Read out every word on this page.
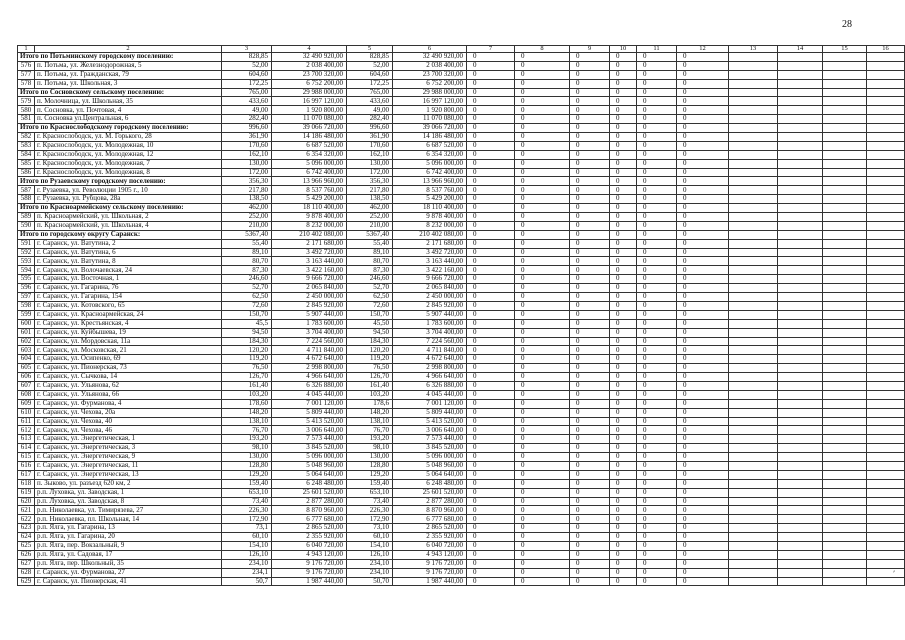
28
1	2	3	4	5	6	7	8	9	10	11	12	13	14	15	16
Итого по Потьминскому городскому поселению:		828,85	32 490 920,00	828,85	32 490 920,00	0	0	0	0	0	0				
576	п. Потьма, ул. Железнодорожная, 5	52,00	2 038 400,00	52,00	2 038 400,00	0	0	0	0	0	0				
577	п. Потьма, ул. Гражданская, 79	604,60	23 700 320,00	604,60	23 700 320,00	0	0	0	0	0	0				
578	п. Потьма, ул. Школьная, 3	172,25	6 752 200,00	172,25	6 752 200,00	0	0	0	0	0	0				
Итого по Сосновскому сельскому поселению:		765,00	29 988 000,00	765,00	29 988 000,00	0	0	0	0	0	0				
579	п. Молочница, ул. Школьная, 35	433,60	16 997 120,00	433,60	16 997 120,00	0	0	0	0	0	0				
580	п. Сосновка, ул. Почтовая, 4	49,00	1 920 800,00	49,00	1 920 800,00	0	0	0	0	0	0				
581	п. Сосновка ул.Центральная, 6	282,40	11 070 080,00	282,40	11 070 080,00	0	0	0	0	0	0				
Итого по Краснослободскому городскому поселению:		996,60	39 066 720,00	996,60	39 066 720,00	0	0	0	0	0	0				
582	г. Краснослободск, ул. М. Горького, 28	361,90	14 186 480,00	361,90	14 186 480,00	0	0	0	0	0	0				
583	г. Краснослободск, ул. Молодежная, 10	170,60	6 687 520,00	170,60	6 687 520,00	0	0	0	0	0	0				
584	г. Краснослободск, ул. Молодежная, 12	162,10	6 354 320,00	162,10	6 354 320,00	0	0	0	0	0	0				
585	г. Краснослободск, ул. Молодежная, 7	130,00	5 096 000,00	130,00	5 096 000,00	0	0	0	0	0	0				
586	г. Краснослободск, ул. Молодежная, 8	172,00	6 742 400,00	172,00	6 742 400,00	0	0	0	0	0	0				
Итого по Рузаевскому городскому поселению:		356,30	13 966 960,00	356,30	13 966 960,00	0	0	0	0	0	0				
587	г. Рузаевка, ул. Революции 1905 г., 10	217,80	8 537 760,00	217,80	8 537 760,00	0	0	0	0	0	0				
588	г. Рузаевка, ул. Рубцова, 28а	138,50	5 429 200,00	138,50	5 429 200,00	0	0	0	0	0	0				
Итого по Красноармейскому сельскому поселению:		462,00	18 110 400,00	462,00	18 110 400,00	0	0	0	0	0	0				
589	п. Красноармейский, ул. Школьная, 2	252,00	9 878 400,00	252,00	9 878 400,00	0	0	0	0	0	0				
590	п. Красноармейский, ул. Школьная, 4	210,00	8 232 000,00	210,00	8 232 000,00	0	0	0	0	0	0				
Итого по городскому округу Саранск:		5367,40	210 402 080,00	5367,40	210 402 080,00	0	0	0	0	0	0				
591	г. Саранск, ул. Ватутина, 2	55,40	2 171 680,00	55,40	2 171 680,00	0	0	0	0	0	0				
592	г. Саранск, ул. Ватутина, 6	89,10	3 492 720,00	89,10	3 492 720,00	0	0	0	0	0	0				
593	г. Саранск, ул. Ватутина, 8	80,70	3 163 440,00	80,70	3 163 440,00	0	0	0	0	0	0				
594	г. Саранск, ул. Волочаевская, 24	87,30	3 422 160,00	87,30	3 422 160,00	0	0	0	0	0	0				
595	г. Саранск, ул. Восточная, 1	246,60	9 666 720,00	246,60	9 666 720,00	0	0	0	0	0	0				
596	г. Саранск, ул. Гагарина, 76	52,70	2 065 840,00	52,70	2 065 840,00	0	0	0	0	0	0				
597	г. Саранск, ул. Гагарина, 154	62,50	2 450 000,00	62,50	2 450 000,00	0	0	0	0	0	0				
598	г. Саранск, ул. Котовского, 65	72,60	2 845 920,00	72,60	2 845 920,00	0	0	0	0	0	0				
599	г. Саранск, ул. Красноармейская, 24	150,70	5 907 440,00	150,70	5 907 440,00	0	0	0	0	0	0				
600	г. Саранск, ул. Крестьянская, 4	45,5	1 783 600,00	45,50	1 783 600,00	0	0	0	0	0	0				
601	г. Саранск, ул. Куйбышева, 19	94,50	3 704 400,00	94,50	3 704 400,00	0	0	0	0	0	0				
602	г. Саранск, ул. Мордовская, 11а	184,30	7 224 560,00	184,30	7 224 560,00	0	0	0	0	0	0				
603	г. Саранск, ул. Московская, 21	120,20	4 711 840,00	120,20	4 711 840,00	0	0	0	0	0	0				
604	г. Саранск, ул. Осипенко, 69	119,20	4 672 640,00	119,20	4 672 640,00	0	0	0	0	0	0				
605	г. Саранск, ул. Пионерская, 73	76,50	2 998 800,00	76,50	2 998 800,00	0	0	0	0	0	0				
606	г. Саранск, ул. Сычкова, 14	126,70	4 966 640,00	126,70	4 966 640,00	0	0	0	0	0	0				
607	г. Саранск, ул. Ульянова, 62	161,40	6 326 880,00	161,40	6 326 880,00	0	0	0	0	0	0				
608	г. Саранск, ул. Ульянова, 66	103,20	4 045 440,00	103,20	4 045 440,00	0	0	0	0	0	0				
609	г. Саранск, ул. Фурманова, 4	178,60	7 001 120,00	178,6	7 001 120,00	0	0	0	0	0	0				
610	г. Саранск, ул. Чехова, 20а	148,20	5 809 440,00	148,20	5 809 440,00	0	0	0	0	0	0				
611	г. Саранск, ул. Чехова, 40	138,10	5 413 520,00	138,10	5 413 520,00	0	0	0	0	0	0				
612	г. Саранск, ул. Чехова, 46	76,70	3 006 640,00	76,70	3 006 640,00	0	0	0	0	0	0				
613	г. Саранск, ул. Энергетическая, 1	193,20	7 573 440,00	193,20	7 573 440,00	0	0	0	0	0	0				
614	г. Саранск, ул. Энергетическая, 3	98,10	3 845 520,00	98,10	3 845 520,00	0	0	0	0	0	0				
615	г. Саранск, ул. Энергетическая, 9	130,00	5 096 000,00	130,00	5 096 000,00	0	0	0	0	0	0				
616	г. Саранск, ул. Энергетическая, 11	128,80	5 048 960,00	128,80	5 048 960,00	0	0	0	0	0	0				
617	г. Саранск, ул. Энергетическая, 13	129,20	5 064 640,00	129,20	5 064 640,00	0	0	0	0	0	0				
618	п. Зыково, ул. разъезд 620 км, 2	159,40	6 248 480,00	159,40	6 248 480,00	0	0	0	0	0	0				
619	р.п. Луховка, ул. Заводская, 1	653,10	25 601 520,00	653,10	25 601 520,00	0	0	0	0	0	0				
620	р.п. Луховка, ул. Заводская, 8	73,40	2 877 280,00	73,40	2 877 280,00	0	0	0	0	0	0				
621	р.п. Николаевка, ул. Тимирязева, 27	226,30	8 870 960,00	226,30	8 870 960,00	0	0	0	0	0	0				
622	р.п. Николаевка, пл. Школьная, 14	172,90	6 777 680,00	172,90	6 777 680,00	0	0	0	0	0	0				
623	р.п. Ялга, ул. Гагарина, 13	73,1	2 865 520,00	73,10	2 865 520,00	0	0	0	0	0	0				
624	р.п. Ялга, ул. Гагарина, 20	60,10	2 355 920,00	60,10	2 355 920,00	0	0	0	0	0	0				
625	р.п. Ялга, пер. Вокзальный, 9	154,10	6 040 720,00	154,10	6 040 720,00	0	0	0	0	0	0				
626	р.п. Ялга, ул. Садовая, 17	126,10	4 943 120,00	126,10	4 943 120,00	0	0	0	0	0	0				
627	р.п. Ялга, пер. Школьный, 35	234,10	9 176 720,00	234,10	9 176 720,00	0	0	0	0	0	0				
628	г. Саранск, ул. Фурманова, 27	234,1	9 176 720,00	234,10	9 176 720,00	0	0	0	0	0	0				
629	г. Саранск, ул. Пионерская, 41	50,7	1 987 440,00	50,70	1 987 440,00	0	0	0	0	0	0				
⸗
